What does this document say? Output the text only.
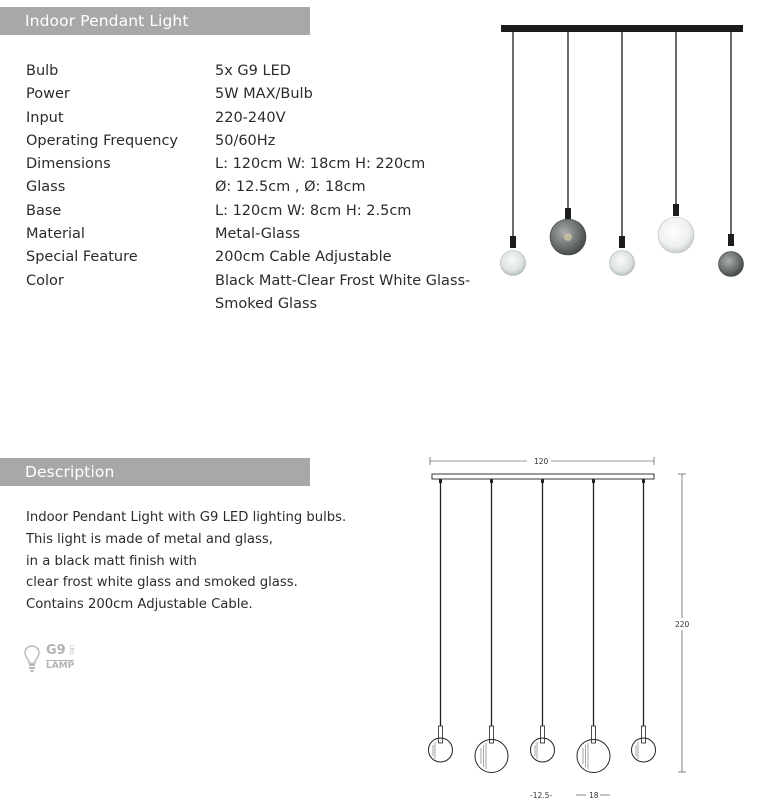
Indoor Pendant Light
Bulb	5x G9 LED
Power	5W MAX/Bulb
Input	220-240V
Operating Frequency	50/60Hz
Dimensions	L: 120cm W: 18cm H: 220cm
Glass	Ø: 12.5cm , Ø: 18cm
Base	L: 120cm W: 8cm H: 2.5cm
Material	Metal-Glass
Special Feature	200cm Cable Adjustable
Color	Black Matt-Clear Frost White Glass-Smoked Glass
Description
Indoor Pendant Light with G9 LED lighting bulbs.
This light is made of metal and glass,
in a black matt finish with
clear frost white glass and smoked glass.
Contains 200cm Adjustable Cable.
G9 LED
LAMP
120
220
-12.5-	18
